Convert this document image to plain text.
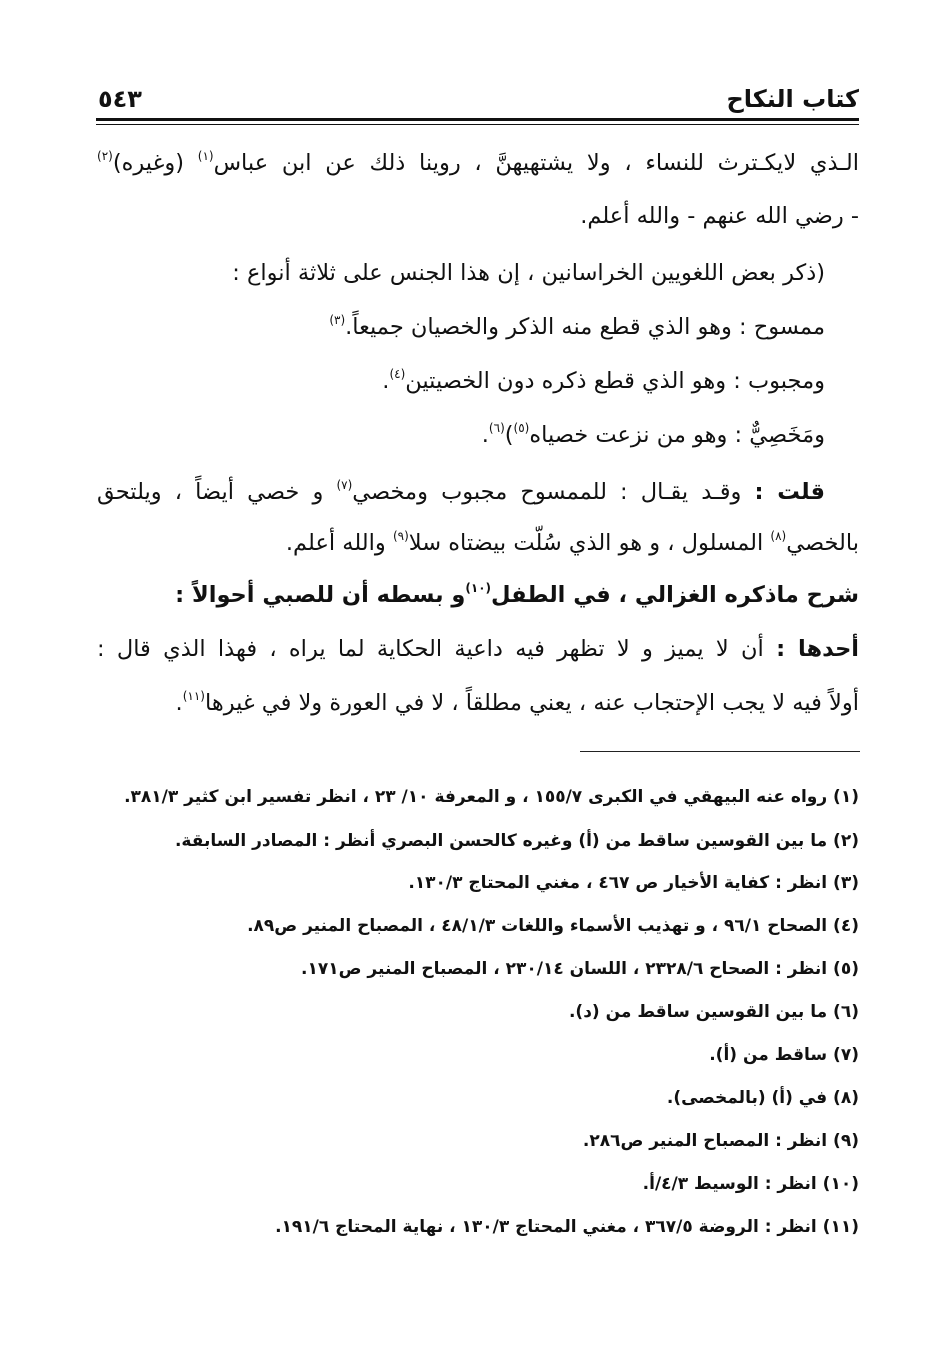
كتاب النكاح
٥٤٣
الـذي لايكـترث للنساء ، ولا يشتهيهنَّ ، روينا ذلك عن ابن عباس$^{(١)}$ (وغيره)$^{(٢)}$
- رضي الله عنهم - والله أعلم.
(ذكر بعض اللغويين الخراسانين ، إن هذا الجنس على ثلاثة أنواع :
ممسوح : وهو الذي قطع منه الذكر والخصيان جميعاً.$^{(٣)}$
ومجبوب : وهو الذي قطع ذكره دون الخصيتين$^{(٤)}$.
ومَخَصِيٌّ : وهو من نزعت خصياه$^{(٥)}$)$^{(٦)}$.
قلت : وقـد يقـال : للممسوح مجبوب ومخصي$^{(٧)}$ و خصي أيضاً ، ويلتحق
بالخصي$^{(٨)}$ المسلول ، و هو الذي سُلّت بيضتاه سلا$^{(٩)}$ والله أعلم.
شرح ماذكره الغزالي ، في الطفل$^{(١٠)}$و بسطه أن للصبي أحوالاً :
أحدها : أن لا يميز و لا تظهر فيه داعية الحكاية لما يراه ، فهذا الذي قال :
أولاً فيه لا يجب الإحتجاب عنه ، يعني مطلقاً ، لا في العورة ولا في غيرها$^{(١١)}$.
(١) رواه عنه البيهقي في الكبرى ١٥٥/٧ ، و المعرفة ١٠/ ٢٣ ، انظر تفسير ابن كثير ٣٨١/٣.
(٢) ما بين القوسين ساقط من (أ) وغيره كالحسن البصري أنظر : المصادر السابقة.
(٣) انظر : كفاية الأخيار ص ٤٦٧ ، مغني المحتاج ١٣٠/٣.
(٤) الصحاح ٩٦/١ ، و تهذيب الأسماء واللغات ٤٨/١/٣ ، المصباح المنير ص٨٩.
(٥) انظر : الصحاح ٢٣٢٨/٦ ، اللسان ٢٣٠/١٤ ، المصباح المنير ص١٧١.
(٦) ما بين القوسين ساقط من (د).
(٧) ساقط من (أ).
(٨) في (أ) (بالمخصى).
(٩) انظر : المصباح المنير ص٢٨٦.
(١٠) انظر : الوسيط ٤/٣/أ.
(١١) انظر : الروضة ٣٦٧/٥ ، مغني المحتاج ١٣٠/٣ ، نهاية المحتاج ١٩١/٦.
